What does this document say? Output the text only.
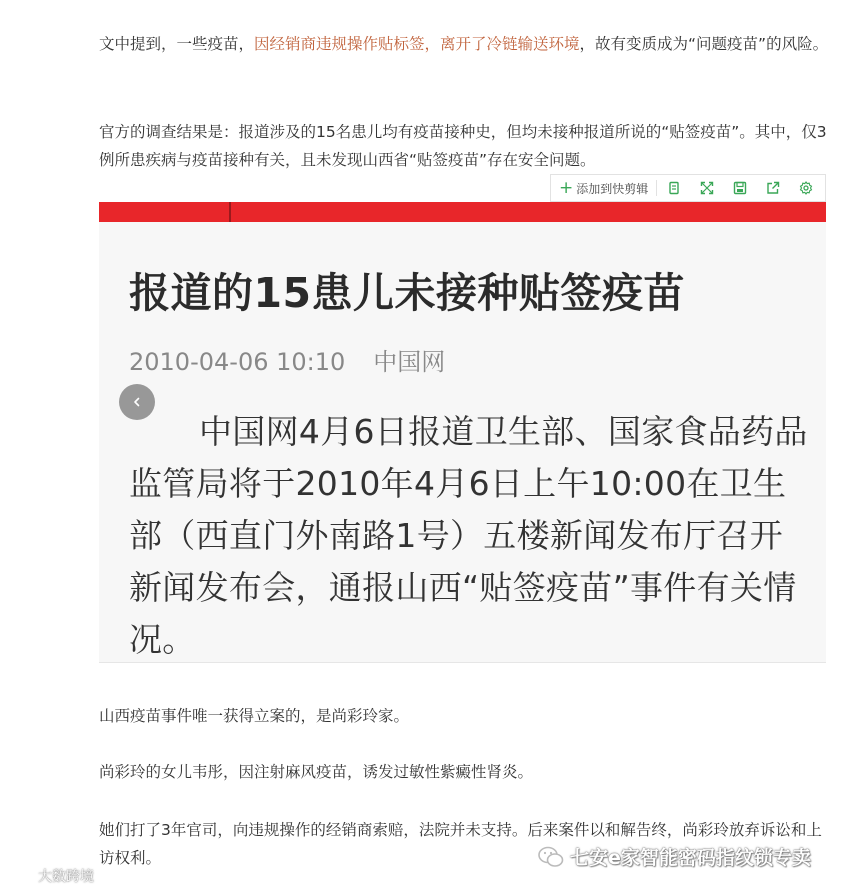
文中提到，一些疫苗，因经销商违规操作贴标签，离开了冷链输送环境，故有变质成为“问题疫苗”的风险。

官方的调查结果是：报道涉及的15名患儿均有疫苗接种史，但均未接种报道所说的“贴签疫苗”。其中，仅3例所患疾病与疫苗接种有关，且未发现山西省“贴签疫苗”存在安全问题。

+ 添加到快剪辑
报道的15患儿未接种贴签疫苗
2010-04-06 10:10 中国网
中国网4月6日报道卫生部、国家食品药品监管局将于2010年4月6日上午10:00在卫生部（西直门外南路1号）五楼新闻发布厅召开新闻发布会，通报山西“贴签疫苗”事件有关情况。

山西疫苗事件唯一获得立案的，是尚彩玲家。

尚彩玲的女儿韦彤，因注射麻风疫苗，诱发过敏性紫癜性肾炎。

她们打了3年官司，向违规操作的经销商索赔，法院并未支持。后来案件以和解告终，尚彩玲放弃诉讼和上访权利。

大数跨境
七安e家智能密码指纹锁专卖
